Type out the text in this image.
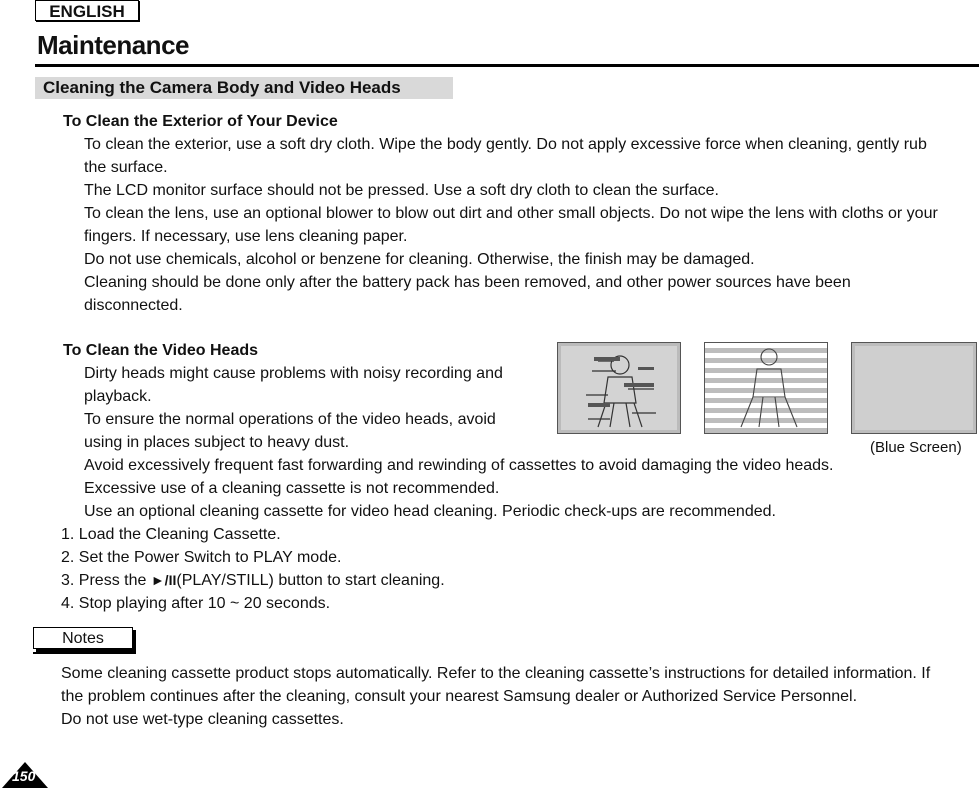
ENGLISH
Maintenance
Cleaning the Camera Body and Video Heads
To Clean the Exterior of Your Device
To clean the exterior, use a soft dry cloth. Wipe the body gently. Do not apply excessive force when cleaning, gently rub
the surface.
The LCD monitor surface should not be pressed. Use a soft dry cloth to clean the surface.
To clean the lens, use an optional blower to blow out dirt and other small objects. Do not wipe the lens with cloths or your
fingers. If necessary, use lens cleaning paper.
Do not use chemicals, alcohol or benzene for cleaning. Otherwise, the finish may be damaged.
Cleaning should be done only after the battery pack has been removed, and other power sources have been
disconnected.
To Clean the Video Heads
Dirty heads might cause problems with noisy recording and
playback.
To ensure the normal operations of the video heads, avoid
using in places subject to heavy dust.
Avoid excessively frequent fast forwarding and rewinding of cassettes to avoid damaging the video heads.
Excessive use of a cleaning cassette is not recommended.
Use an optional cleaning cassette for video head cleaning. Periodic check-ups are recommended.
1. Load the Cleaning Cassette.
2. Set the Power Switch to PLAY mode.
3. Press the ►/II(PLAY/STILL) button to start cleaning.
4. Stop playing after 10 ~ 20 seconds.
(Blue Screen)
Notes
Some cleaning cassette product stops automatically. Refer to the cleaning cassette’s instructions for detailed information. If
the problem continues after the cleaning, consult your nearest Samsung dealer or Authorized Service Personnel.
Do not use wet-type cleaning cassettes.
150
